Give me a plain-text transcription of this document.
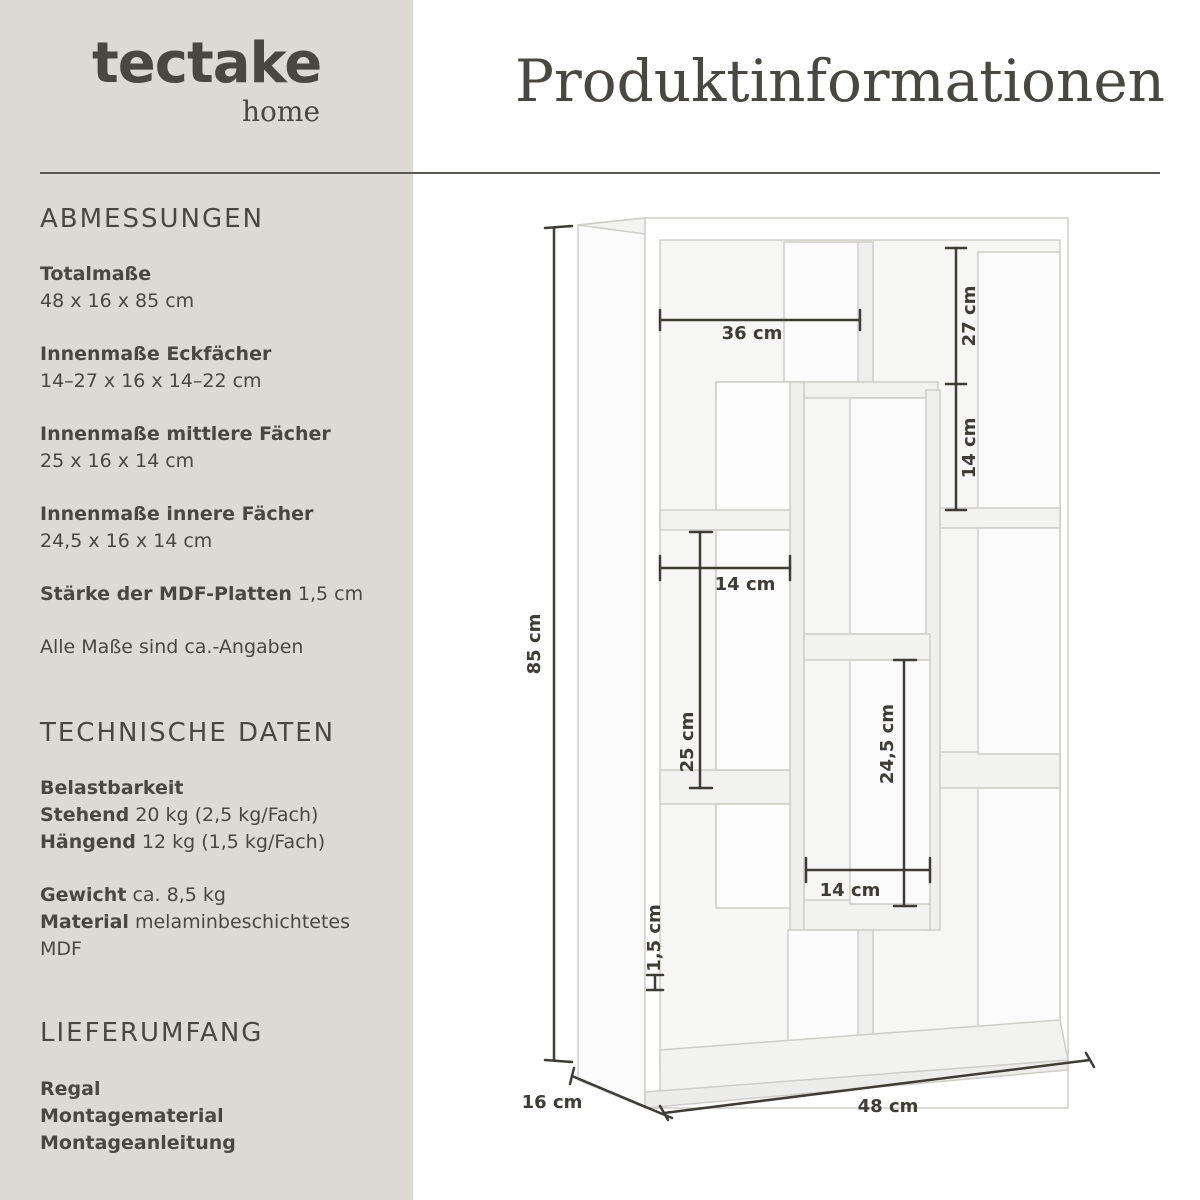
tectake
home	Produktinformationen
ABMESSUNGEN
Totalmaße
48 x 16 x 85 cm
Innenmaße Eckfächer
14–27 x 16 x 14–22 cm
Innenmaße mittlere Fächer
25 x 16 x 14 cm
Innenmaße innere Fächer
24,5 x 16 x 14 cm
Stärke der MDF-Platten 1,5 cm
Alle Maße sind ca.-Angaben
TECHNISCHE DATEN
Belastbarkeit
Stehend 20 kg (2,5 kg/Fach)
Hängend 12 kg (1,5 kg/Fach)
Gewicht ca. 8,5 kg
Material melaminbeschichtetes
MDF
LIEFERUMFANG
Regal
Montagematerial
Montageanleitung
85 cm
48 cm
16 cm
36 cm	27 cm
14 cm
14 cm
25 cm	24,5 cm
14 cm
1,5 cm
